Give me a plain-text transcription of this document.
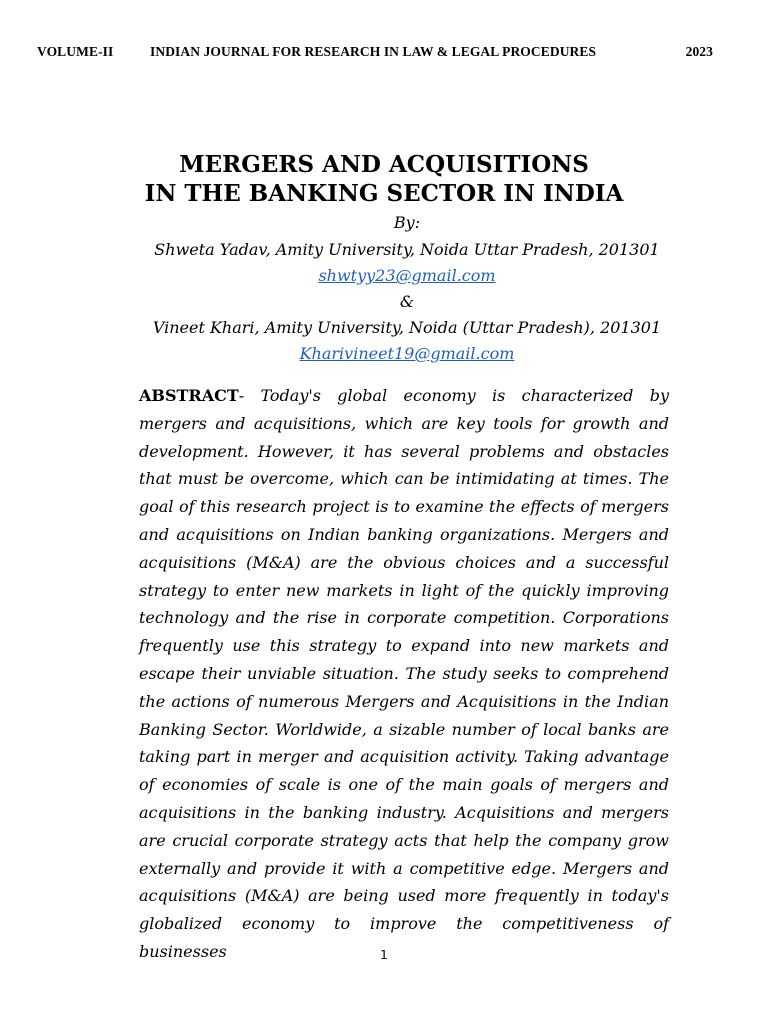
VOLUME-II	INDIAN JOURNAL FOR RESEARCH IN LAW & LEGAL PROCEDURES	2023
MERGERS AND ACQUISITIONS
IN THE BANKING SECTOR IN INDIA
By:
Shweta Yadav, Amity University, Noida Uttar Pradesh, 201301
shwtyy23@gmail.com
&
Vineet Khari, Amity University, Noida (Uttar Pradesh), 201301
Kharivineet19@gmail.com

ABSTRACT- Today's global economy is characterized by mergers and acquisitions, which are key tools for growth and development. However, it has several problems and obstacles that must be overcome, which can be intimidating at times. The goal of this research project is to examine the effects of mergers and acquisitions on Indian banking organizations. Mergers and acquisitions (M&A) are the obvious choices and a successful strategy to enter new markets in light of the quickly improving technology and the rise in corporate competition. Corporations frequently use this strategy to expand into new markets and escape their unviable situation. The study seeks to comprehend the actions of numerous Mergers and Acquisitions in the Indian Banking Sector. Worldwide, a sizable number of local banks are taking part in merger and acquisition activity. Taking advantage of economies of scale is one of the main goals of mergers and acquisitions in the banking industry. Acquisitions and mergers are crucial corporate strategy acts that help the company grow externally and provide it with a competitive edge. Mergers and acquisitions (M&A) are being used more frequently in today's globalized economy to improve the competitiveness of businesses	1
